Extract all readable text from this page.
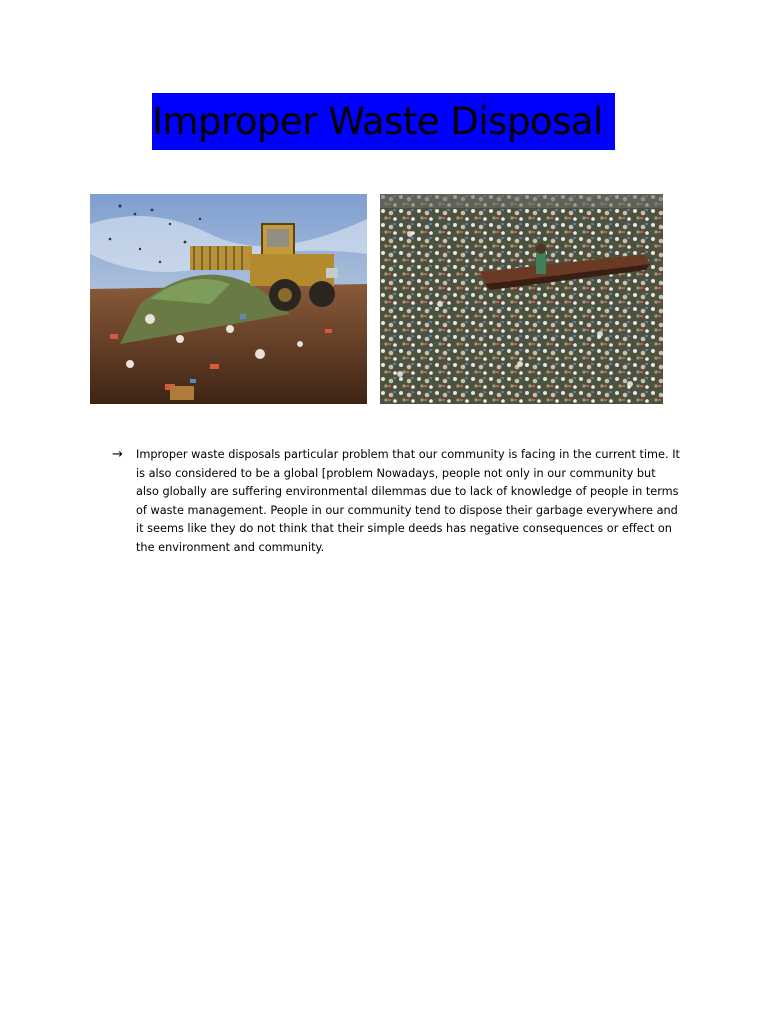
Improper Waste Disposal
→ Improper waste disposals particular problem that our community is facing in the current time. It is also considered to be a global [problem Nowadays, people not only in our community but also globally are suffering environmental dilemmas due to lack of knowledge of people in terms of waste management. People in our community tend to dispose their garbage everywhere and it seems like they do not think that their simple deeds has negative consequences or effect on the environment and community.
